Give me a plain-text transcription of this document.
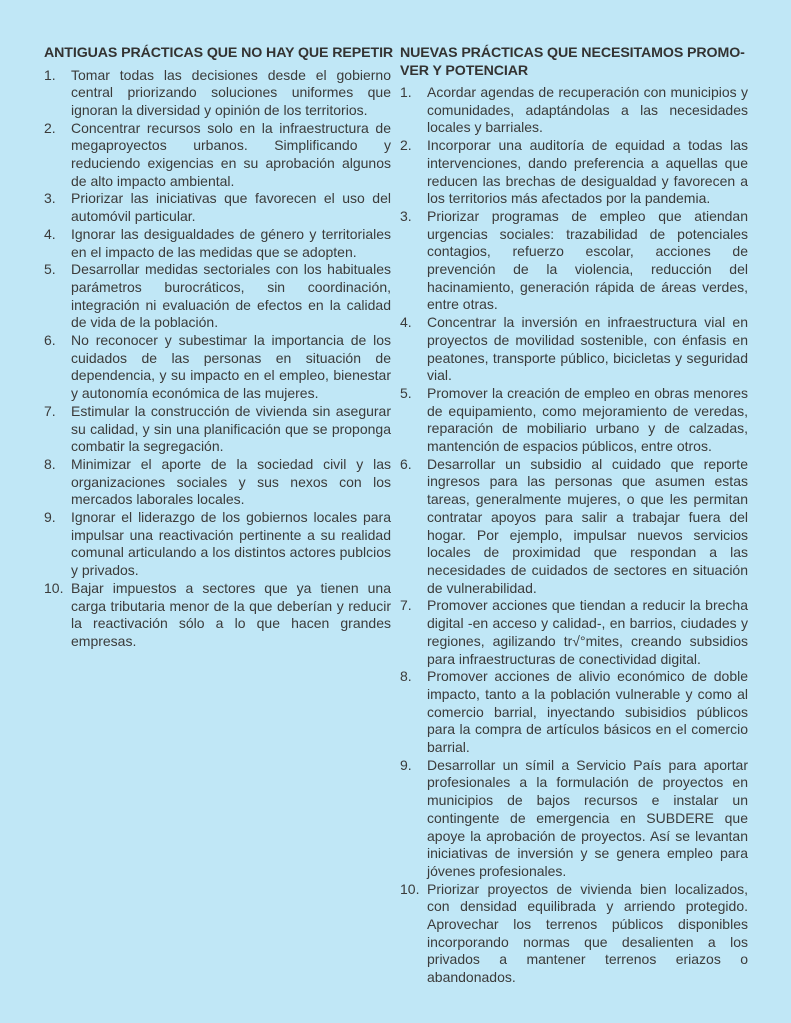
ANTIGUAS PRÁCTICAS QUE NO HAY QUE REPETIR
1.	Tomar todas las decisiones desde el gobierno central priorizando soluciones uniformes que ignoran la diversidad y opinión de los territorios.
2.	Concentrar recursos solo en la infraestructura de megaproyectos urbanos. Simplificando y reduciendo exigencias en su aprobación algunos de alto impacto ambiental.
3.	Priorizar las iniciativas que favorecen el uso del automóvil particular.
4.	Ignorar las desigualdades de género y territoriales en el impacto de las medidas que se adopten.
5.	Desarrollar medidas sectoriales con los habituales parámetros burocráticos, sin coordinación, integración ni evaluación de efectos en la calidad de vida de la población.
6.	No reconocer y subestimar la importancia de los cuidados de las personas en situación de dependencia, y su impacto en el empleo, bienestar y autonomía económica de las mujeres.
7.	Estimular la construcción de vivienda sin asegurar su calidad, y sin una planificación que se proponga combatir la segregación.
8.	Minimizar el aporte de la sociedad civil y las organizaciones sociales y sus nexos con los mercados laborales locales.
9.	Ignorar el liderazgo de los gobiernos locales para impulsar una reactivación pertinente a su realidad comunal articulando a los distintos actores publcios y privados.
10. Bajar impuestos a sectores que ya tienen una carga tributaria menor de la que deberían y reducir la reactivación sólo a lo que hacen grandes empresas.
NUEVAS PRÁCTICAS QUE NECESITAMOS PROMO-
VER Y POTENCIAR
1.	Acordar agendas de recuperación con municipios y comunidades, adaptándolas a las necesidades locales y barriales.
2.	Incorporar una auditoría de equidad a todas las intervenciones, dando preferencia a aquellas que reducen las brechas de desigualdad y favorecen a los territorios más afectados por la pandemia.
3.	Priorizar programas de empleo que atiendan urgencias sociales: trazabilidad de potenciales contagios, refuerzo escolar, acciones de prevención de la violencia, reducción del hacinamiento, generación rápida de áreas verdes, entre otras.
4.	Concentrar la inversión en infraestructura vial en proyectos de movilidad sostenible, con énfasis en peatones, transporte público, bicicletas y seguridad vial.
5.	Promover la creación de empleo en obras menores de equipamiento, como mejoramiento de veredas, reparación de mobiliario urbano y de calzadas, mantención de espacios públicos, entre otros.
6.	Desarrollar un subsidio al cuidado que reporte ingresos para las personas que asumen estas tareas, generalmente mujeres, o que les permitan contratar apoyos para salir a trabajar fuera del hogar. Por ejemplo, impulsar nuevos servicios locales de proximidad que respondan a las necesidades de cuidados de sectores en situación de vulnerabilidad.
7.	Promover acciones que tiendan a reducir la brecha digital -en acceso y calidad-, en barrios, ciudades y regiones, agilizando tr√°mites, creando subsidios para infraestructuras de conectividad digital.
8.	Promover acciones de alivio económico de doble impacto, tanto a la población vulnerable y como al comercio barrial, inyectando subisidios públicos para la compra de artículos básicos en el comercio barrial.
9.	Desarrollar un símil a Servicio País para aportar profesionales a la formulación de proyectos en municipios de bajos recursos e instalar un contingente de emergencia en SUBDERE que apoye la aprobación de proyectos. Así se levantan iniciativas de inversión y se genera empleo para jóvenes profesionales.
10. Priorizar proyectos de vivienda bien localizados, con densidad equilibrada y arriendo protegido. Aprovechar los terrenos públicos disponibles incorporando normas que desalienten a los privados a mantener terrenos eriazos o abandonados.
